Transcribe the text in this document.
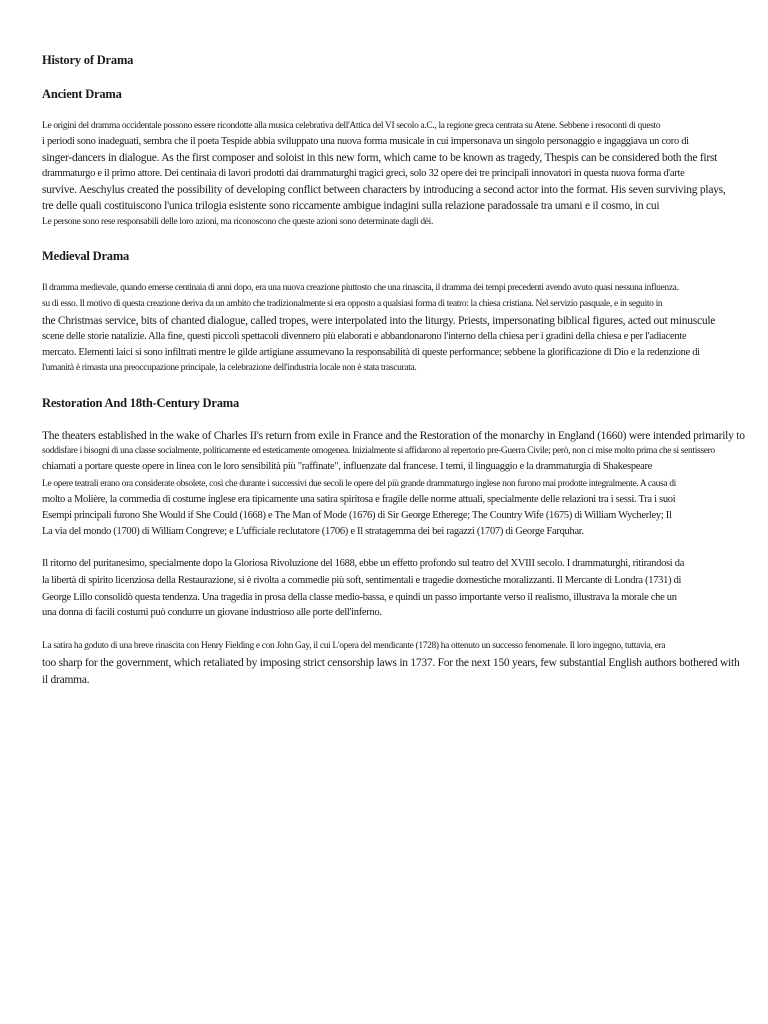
History of Drama
Ancient Drama
Le origini del dramma occidentale possono essere ricondotte alla musica celebrativa dell'Attica del VI secolo a.C., la regione greca centrata su Atene. Sebbene i resoconti di questo
i periodi sono inadeguati, sembra che il poeta Tespide abbia sviluppato una nuova forma musicale in cui impersonava un singolo personaggio e ingaggiava un coro di
singer-dancers in dialogue. As the first composer and soloist in this new form, which came to be known as tragedy, Thespis can be considered both the first
drammaturgo e il primo attore. Dei centinaia di lavori prodotti dai drammaturghi tragici greci, solo 32 opere dei tre principali innovatori in questa nuova forma d'arte
survive. Aeschylus created the possibility of developing conflict between characters by introducing a second actor into the format. His seven surviving plays,
tre delle quali costituiscono l'unica trilogia esistente sono riccamente ambigue indagini sulla relazione paradossale tra umani e il cosmo, in cui
Le persone sono rese responsabili delle loro azioni, ma riconoscono che queste azioni sono determinate dagli dèi.
Medieval Drama
Il dramma medievale, quando emerse centinaia di anni dopo, era una nuova creazione piuttosto che una rinascita, il dramma dei tempi precedenti avendo avuto quasi nessuna influenza.
su di esso. Il motivo di questa creazione deriva da un ambito che tradizionalmente si era opposto a qualsiasi forma di teatro: la chiesa cristiana. Nel servizio pasquale, e in seguito in
the Christmas service, bits of chanted dialogue, called tropes, were interpolated into the liturgy. Priests, impersonating biblical figures, acted out minuscule
scene delle storie natalizie. Alla fine, questi piccoli spettacoli divennero più elaborati e abbandonarono l'interno della chiesa per i gradini della chiesa e per l'adiacente
mercato. Elementi laici si sono infiltrati mentre le gilde artigiane assumevano la responsabilità di queste performance; sebbene la glorificazione di Dio e la redenzione di
l'umanità è rimasta una preoccupazione principale, la celebrazione dell'industria locale non è stata trascurata.
Restoration And 18th-Century Drama
The theaters established in the wake of Charles II's return from exile in France and the Restoration of the monarchy in England (1660) were intended primarily to
soddisfare i bisogni di una classe socialmente, politicamente ed esteticamente omogenea. Inizialmente si affidarono al repertorio pre-Guerra Civile; però, non ci mise molto prima che si sentissero
chiamati a portare queste opere in linea con le loro sensibilità più "raffinate", influenzate dal francese. I temi, il linguaggio e la drammaturgia di Shakespeare
Le opere teatrali erano ora considerate obsolete, così che durante i successivi due secoli le opere del più grande drammaturgo inglese non furono mai prodotte integralmente. A causa di
molto a Molière, la commedia di costume inglese era tipicamente una satira spiritosa e fragile delle norme attuali, specialmente delle relazioni tra i sessi. Tra i suoi
Esempi principali furono She Would if She Could (1668) e The Man of Mode (1676) di Sir George Etherege; The Country Wife (1675) di William Wycherley; Il
La via del mondo (1700) di William Congreve; e L'ufficiale reclutatore (1706) e Il stratagemma dei bei ragazzi (1707) di George Farquhar.
Il ritorno del puritanesimo, specialmente dopo la Gloriosa Rivoluzione del 1688, ebbe un effetto profondo sul teatro del XVIII secolo. I drammaturghi, ritirandosi da
la libertà di spirito licenziosa della Restaurazione, si è rivolta a commedie più soft, sentimentali e tragedie domestiche moralizzanti. Il Mercante di Londra (1731) di
George Lillo consolidò questa tendenza. Una tragedia in prosa della classe medio-bassa, e quindi un passo importante verso il realismo, illustrava la morale che un
una donna di facili costumi può condurre un giovane industrioso alle porte dell'inferno.
La satira ha goduto di una breve rinascita con Henry Fielding e con John Gay, il cui L'opera del mendicante (1728) ha ottenuto un successo fenomenale. Il loro ingegno, tuttavia, era
too sharp for the government, which retaliated by imposing strict censorship laws in 1737. For the next 150 years, few substantial English authors bothered with
il dramma.
